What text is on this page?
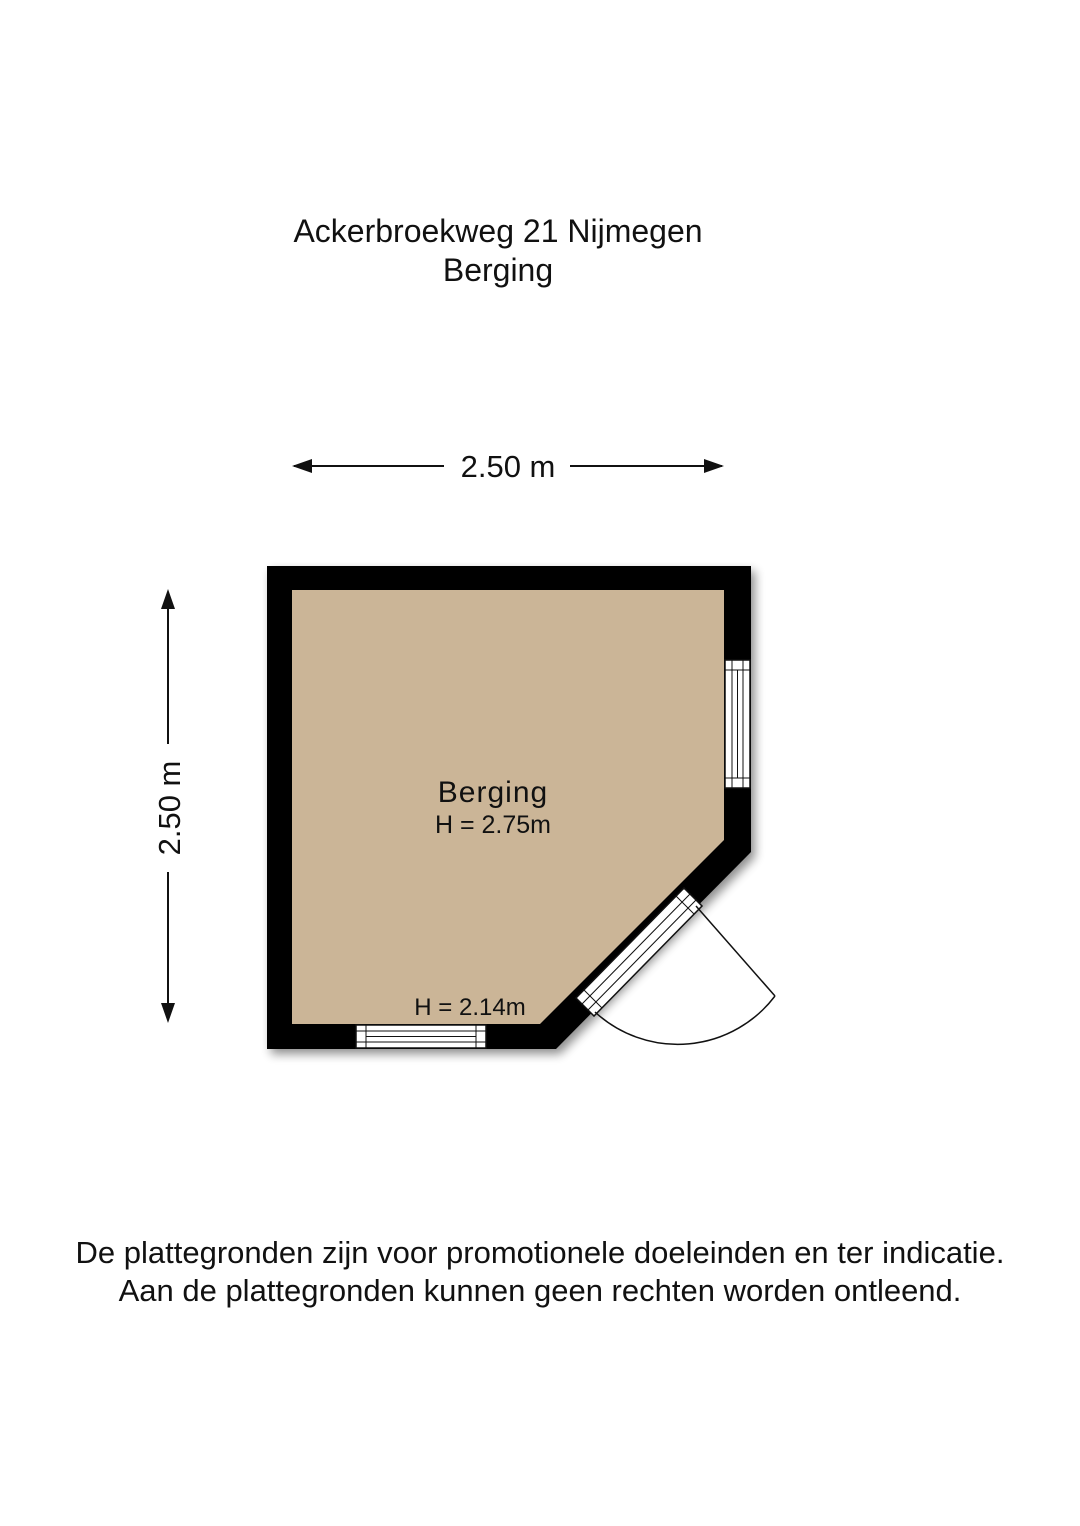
Ackerbroekweg 21 Nijmegen
Berging
2.50 m
2.50 m	Berging
H = 2.75m
H = 2.14m
De plattegronden zijn voor promotionele doeleinden en ter indicatie.
Aan de plattegronden kunnen geen rechten worden ontleend.
